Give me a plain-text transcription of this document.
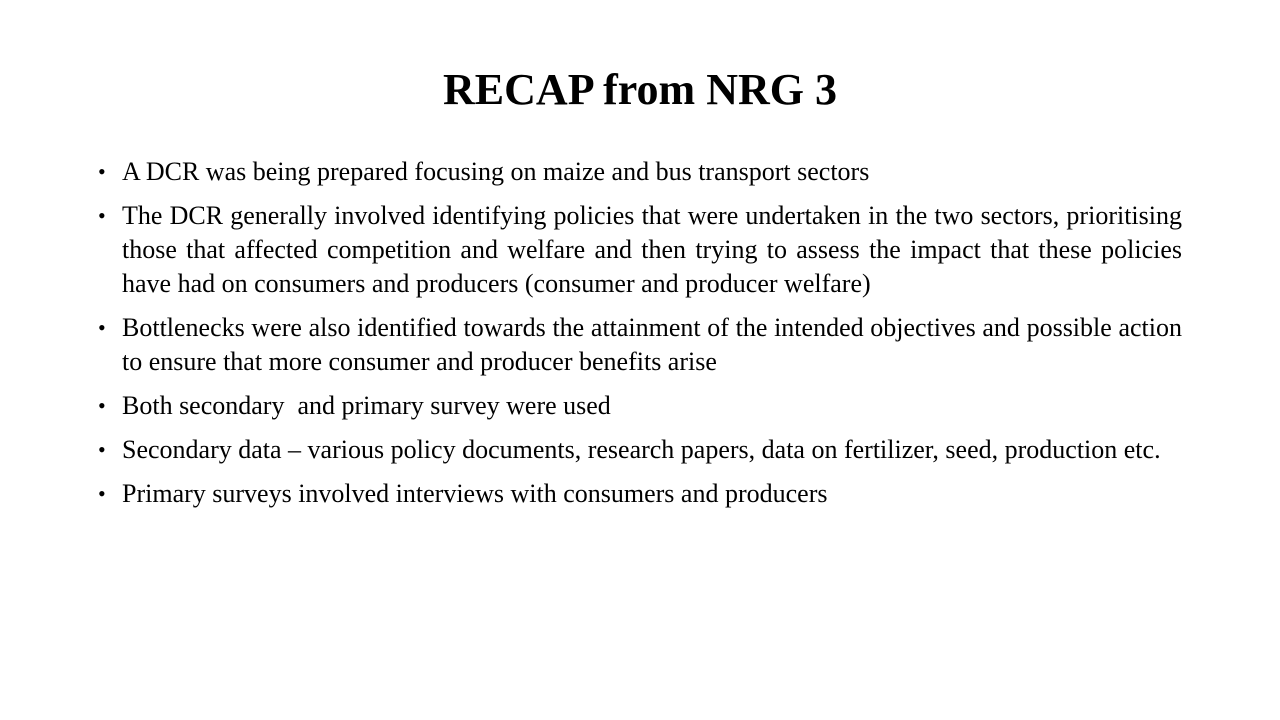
RECAP from NRG 3
• A DCR was being prepared focusing on maize and bus transport sectors
• The DCR generally involved identifying policies that were undertaken in the two sectors, prioritising those that affected competition and welfare and then trying to assess the impact that these policies have had on consumers and producers (consumer and producer welfare)
• Bottlenecks were also identified towards the attainment of the intended objectives and possible action to ensure that more consumer and producer benefits arise
• Both secondary  and primary survey were used
• Secondary data – various policy documents, research papers, data on fertilizer, seed, production etc.
• Primary surveys involved interviews with consumers and producers
